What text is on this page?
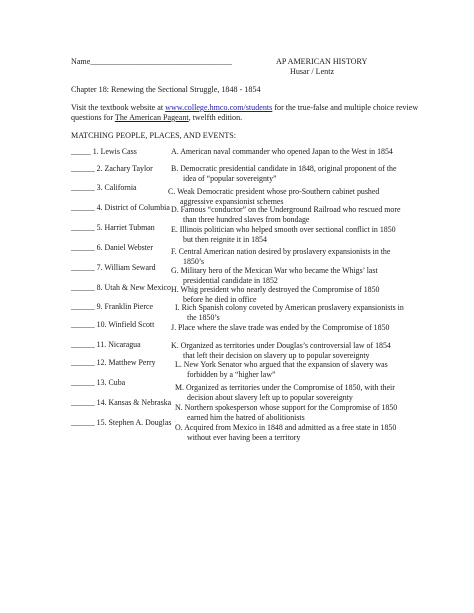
Name___________________________________	AP AMERICAN HISTORY
Husar / Lentz
Chapter 18: Renewing the Sectional Struggle, 1848 - 1854
Visit the textbook website at www.college.hmco.com/students for the true-false and multiple choice review
questions for The American Pageant, twelfth edition.
MATCHING PEOPLE, PLACES, AND EVENTS:
_____ 1. Lewis Cass
______ 2. Zachary Taylor
______ 3. California
______ 4. District of Columbia
______ 5. Harriet Tubman
______ 6. Daniel Webster
______ 7. William Seward
______ 8. Utah & New Mexico
______ 9. Franklin Pierce
______ 10. Winfield Scott
______ 11. Nicaragua
______ 12. Matthew Perry
______ 13. Cuba
______ 14. Kansas & Nebraska
______ 15. Stephen A. Douglas
A. American naval commander who opened Japan to the West in 1854
B. Democratic presidential candidate in 1848, original proponent of the
idea of “popular sovereignty”
C. Weak Democratic president whose pro-Southern cabinet pushed
aggressive expansionist schemes
D. Famous “conductor” on the Underground Railroad who rescued more
than three hundred slaves from bondage
E. Illinois politician who helped smooth over sectional conflict in 1850
but then reignite it in 1854
F. Central American nation desired by proslavery expansionists in the
1850’s
G. Military hero of the Mexican War who became the Whigs’ last
presidential candidate in 1852
H. Whig president who nearly destroyed the Compromise of 1850
before he died in office
I. Rich Spanish colony coveted by American proslavery expansionists in
the 1850’s
J. Place where the slave trade was ended by the Compromise of 1850
K. Organized as territories under Douglas’s controversial law of 1854
that left their decision on slavery up to popular sovereignty
L. New York Senator who argued that the expansion of slavery was
forbidden by a “higher law”
M. Organized as territories under the Compromise of 1850, with their
decision about slavery left up to popular sovereignty
N. Northern spokesperson whose support for the Compromise of 1850
earned him the hatred of abolitionists
O. Acquired from Mexico in 1848 and admitted as a free state in 1850
without ever having been a territory
